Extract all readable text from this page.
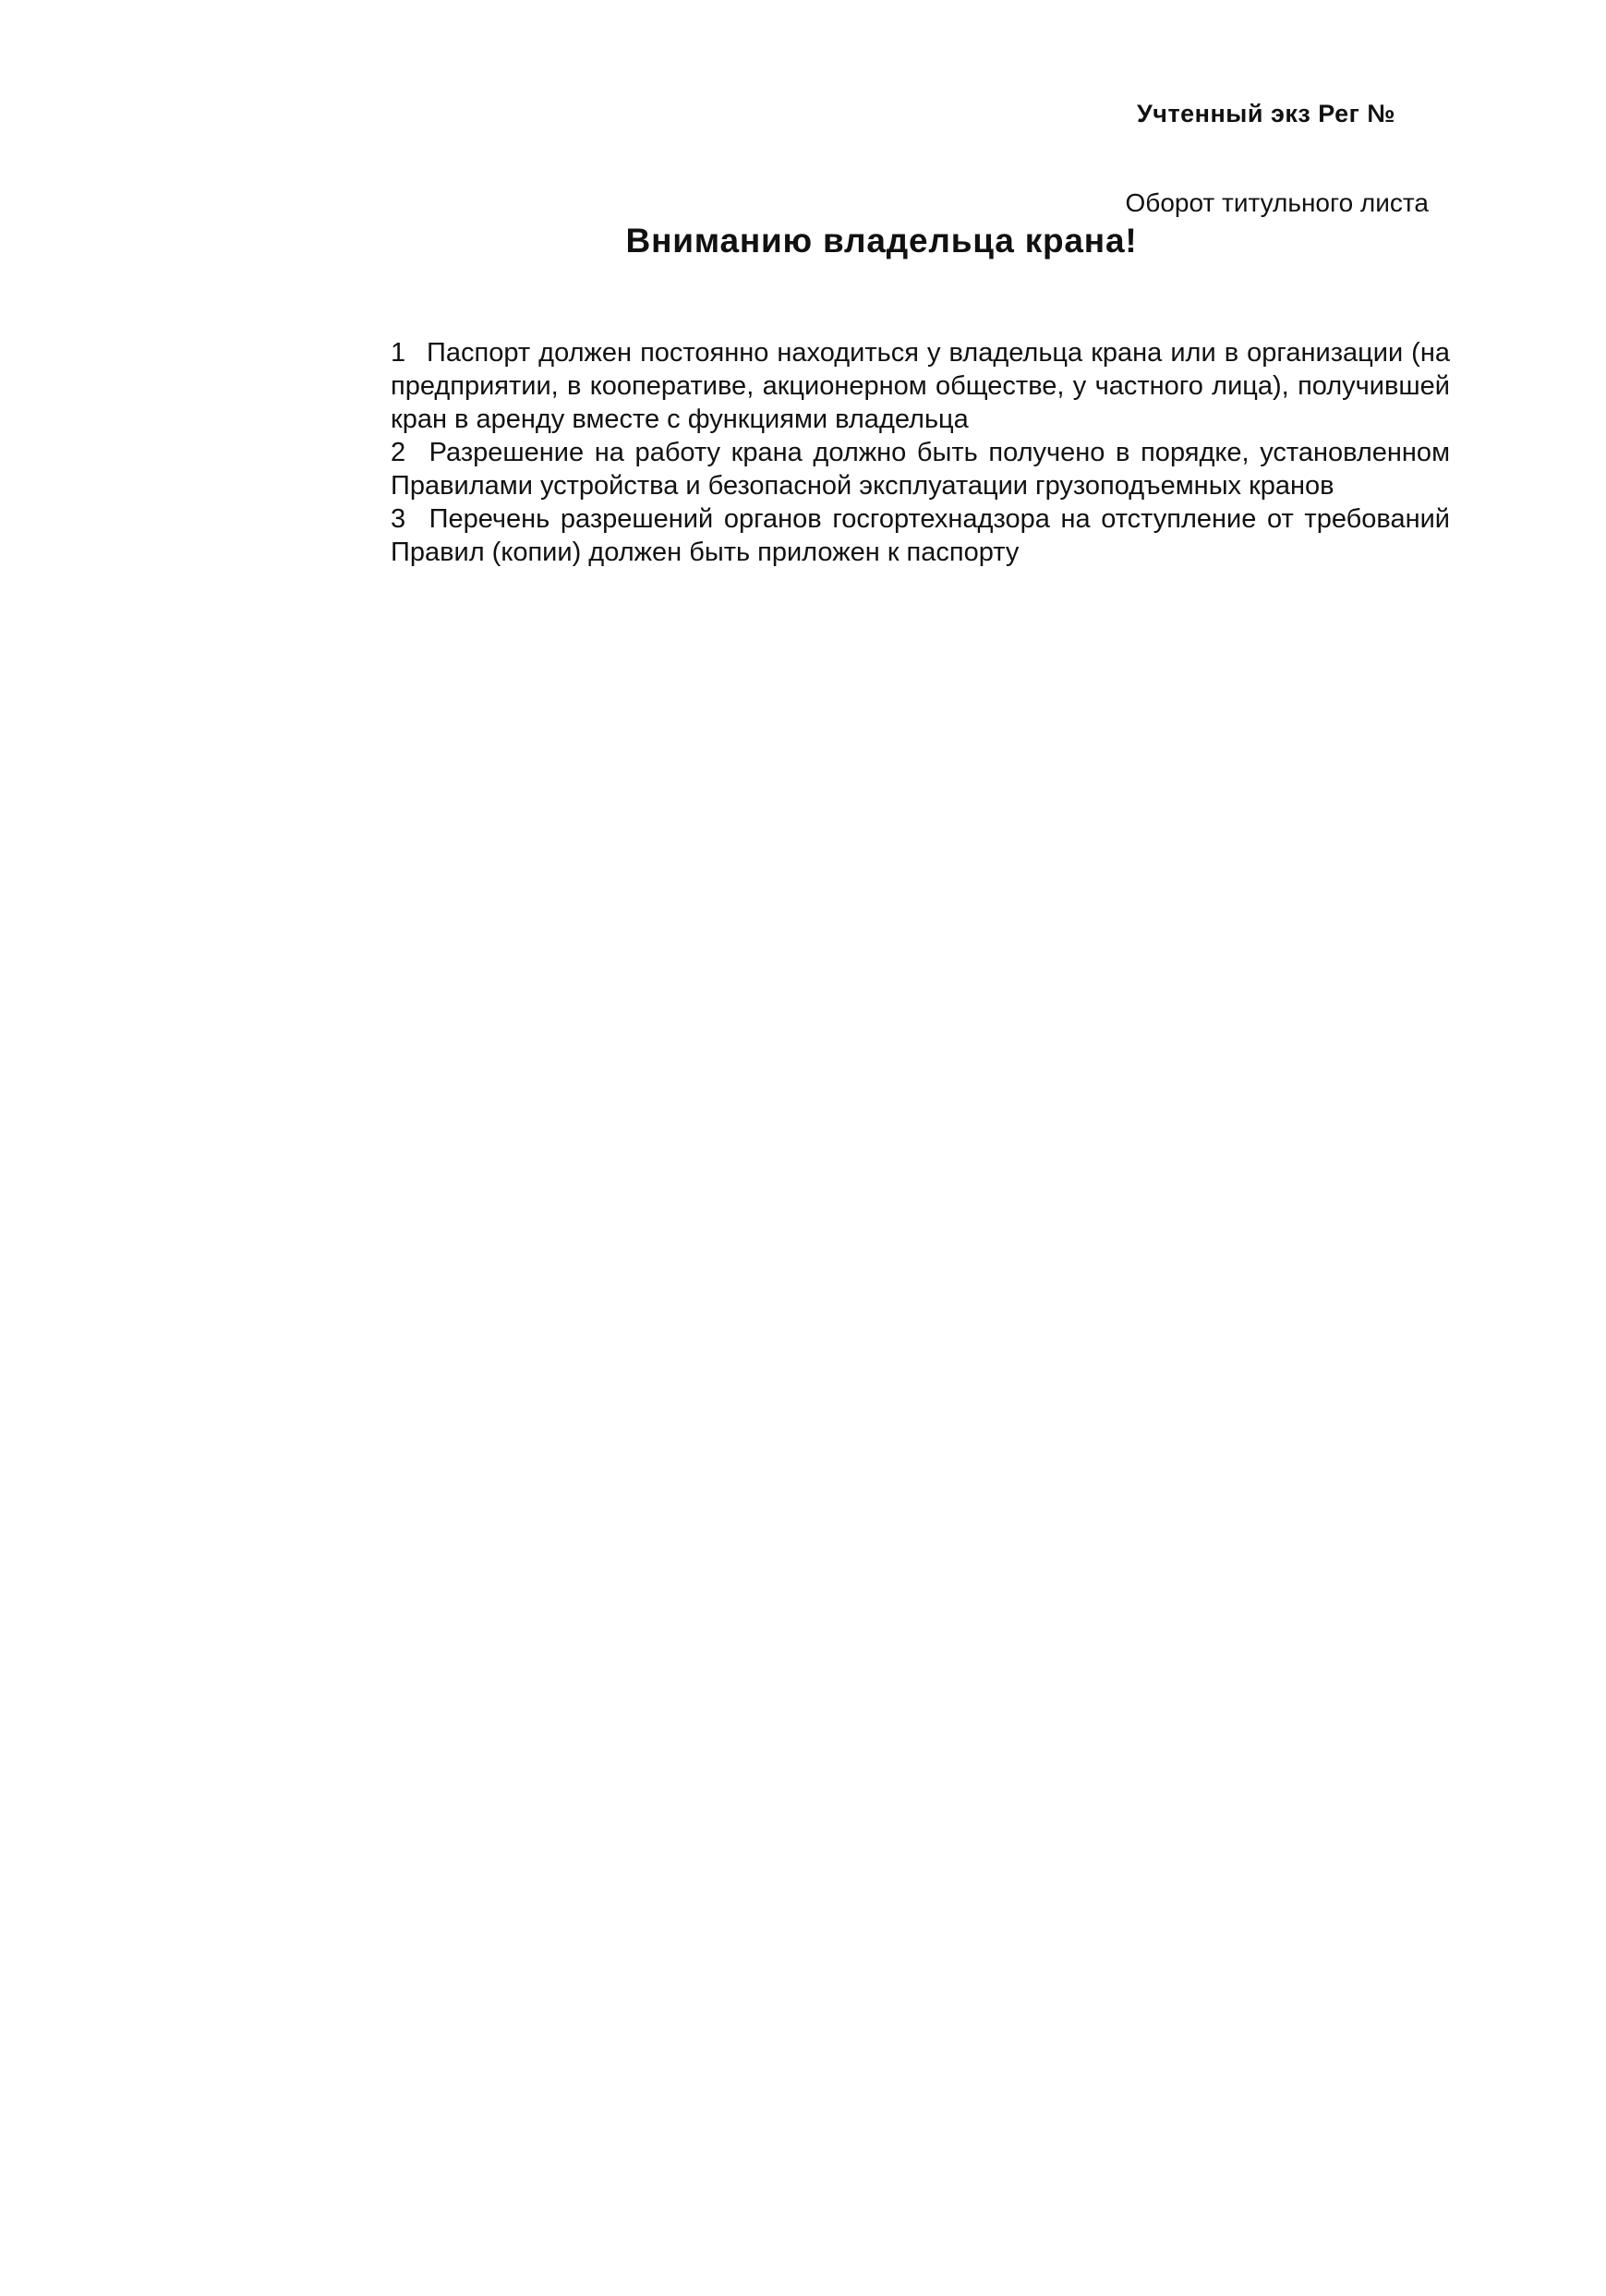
Учтенный экз Рег №
Оборот титульного листа
Вниманию владельца крана!

1 Паспорт должен постоянно находиться у владельца крана или в организации (на предприятии, в кооперативе, акционерном обществе, у частного лица), получившей кран в аренду вместе с функциями владельца

2 Разрешение на работу крана должно быть получено в порядке, установленном Правилами устройства и безопасной эксплуатации грузоподъемных кранов

3 Перечень разрешений органов госгортехнадзора на отступление от требований Правил (копии) должен быть приложен к паспорту
